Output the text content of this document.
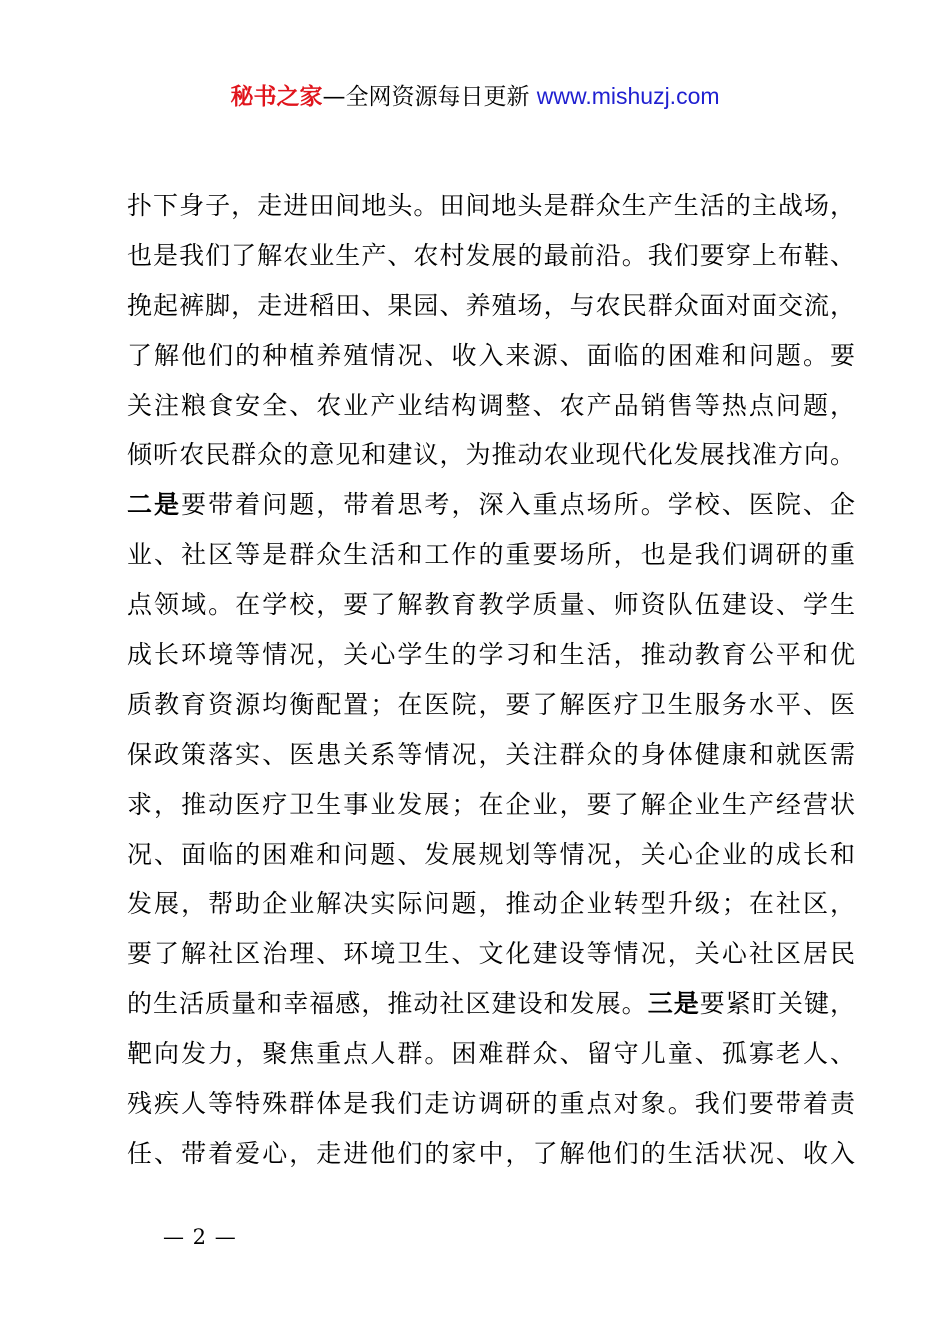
秘书之家—全网资源每日更新 www.mishuzj.com
扑下身子，走进田间地头。田间地头是群众生产生活的主战场，
也是我们了解农业生产、农村发展的最前沿。我们要穿上布鞋、
挽起裤脚，走进稻田、果园、养殖场，与农民群众面对面交流，
了解他们的种植养殖情况、收入来源、面临的困难和问题。要
关注粮食安全、农业产业结构调整、农产品销售等热点问题，
倾听农民群众的意见和建议，为推动农业现代化发展找准方向。
二是要带着问题，带着思考，深入重点场所。学校、医院、企
业、社区等是群众生活和工作的重要场所，也是我们调研的重
点领域。在学校，要了解教育教学质量、师资队伍建设、学生
成长环境等情况，关心学生的学习和生活，推动教育公平和优
质教育资源均衡配置；在医院，要了解医疗卫生服务水平、医
保政策落实、医患关系等情况，关注群众的身体健康和就医需
求，推动医疗卫生事业发展；在企业，要了解企业生产经营状
况、面临的困难和问题、发展规划等情况，关心企业的成长和
发展，帮助企业解决实际问题，推动企业转型升级；在社区，
要了解社区治理、环境卫生、文化建设等情况，关心社区居民
的生活质量和幸福感，推动社区建设和发展。三是要紧盯关键，
靶向发力，聚焦重点人群。困难群众、留守儿童、孤寡老人、
残疾人等特殊群体是我们走访调研的重点对象。我们要带着责
任、带着爱心，走进他们的家中，了解他们的生活状况、收入
— 2 —
